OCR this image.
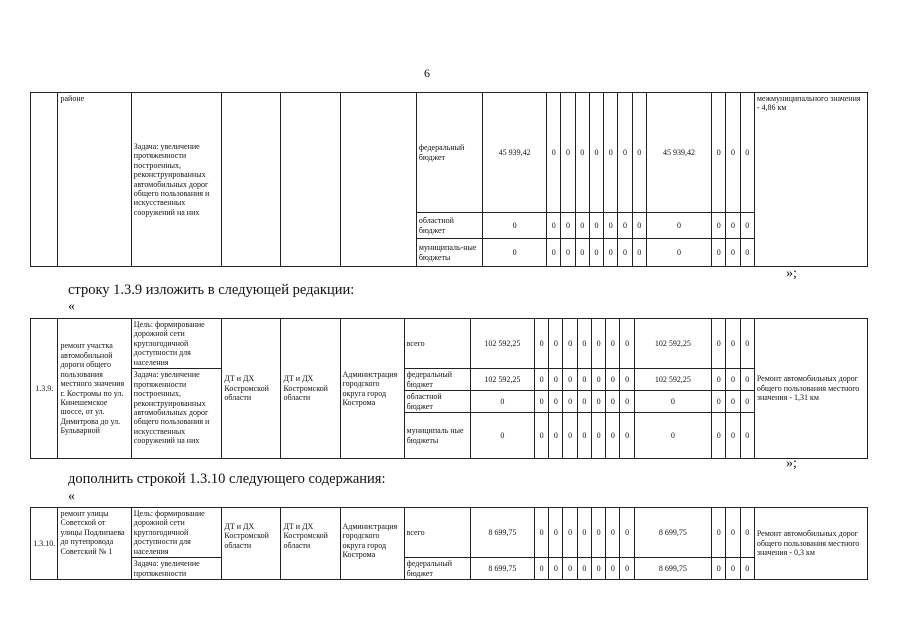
6
	районе	Задача: увеличение протяженности построенных, реконструированных автомобильных дорог общего пользования и искусственных сооружений на них				федеральный бюджет	45 939,42	0	0	0	0	0	0	0	45 939,42	0	0	0	межмуниципального значения - 4,86 км
						областной бюджет	0	0	0	0	0	0	0	0	0	0	0	0	
						муниципаль-ные бюджеты	0	0	0	0	0	0	0	0	0	0	0	0	
»;
строку 1.3.9 изложить в следующей редакции:
«
1.3.9.	ремонт участка автомобильной дороги общего пользования местного значения г. Костромы по ул. Кинешемское шоссе, от ул. Димитрова до ул. Бульварной	Цель: формирование дорожной сети круглогодичной доступности для населения	ДТ и ДХ Костромской области	ДТ и ДХ Костромской области	Администрация городского округа город Кострома	всего	102 592,25	0	0	0	0	0	0	0	102 592,25	0	0	0	Ремонт автомобильных дорог общего пользования местного значения - 1,31 км
		Задача: увеличение протяженности построенных, реконструированных автомобильных дорог общего пользования и искусственных сооружений на них				федеральный бюджет	102 592,25	0	0	0	0	0	0	0	102 592,25	0	0	0	
						областной бюджет	0	0	0	0	0	0	0	0	0	0	0	0	
						муниципаль ные бюджеты	0	0	0	0	0	0	0	0	0	0	0	0	
»;
дополнить строкой 1.3.10 следующего содержания:
«
1.3.10.	ремонт улицы Советской от улицы Подлипаева до путепровода Советский № 1	Цель: формирование дорожной сети круглогодичной доступности для населения	ДТ и ДХ Костромской области	ДТ и ДХ Костромской области	Администрация городского округа город Кострома	всего	8 699,75	0	0	0	0	0	0	0	8 699,75	0	0	0	Ремонт автомобильных дорог общего пользования местного значения - 0,3 км
		Задача: увеличение протяженности				федеральный бюджет	8 699,75	0	0	0	0	0	0	0	8 699,75	0	0	0	
